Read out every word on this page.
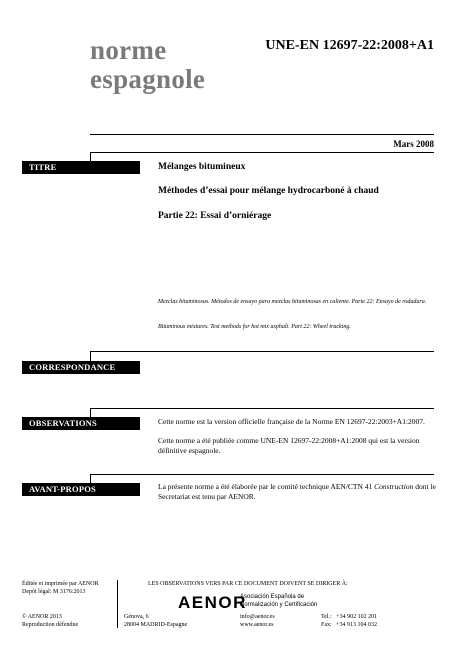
norme
espagnole
UNE-EN 12697-22:2008+A1
Mars 2008
TITRE	Mélanges bitumineux
Méthodes d’essai pour mélange hydrocarboné à chaud
Partie 22: Essai d’orniérage
Mezclas bituminosas. Métodos de ensayo para mezclas bituminosas en caliente. Parte 22: Ensayo de rodadura.
Bituminous mixtures. Test methods for hot mix asphalt. Part 22: Wheel tracking.
CORRESPONDANCE
OBSERVATIONS	Cette norme est la version officielle française de la Norme EN 12697-22:2003+A1:2007.
Cette norme a été publiée comme UNE-EN 12697-22:2008+A1:2008 qui est la version définitive espagnole.
AVANT-PROPOS	La présente norme a été élaborée par le comité technique AEN/CTN 41 Construction dont le Secretariat est tenu par AENOR.
Éditée et imprimée par AENOR
Depôt légal: M 3176:2013
© AENOR 2013
Reproduction défendue
LES OBSERVATIONS VERS PAR CE DOCUMENT DOIVENT SE DIRIGER À:
AENOR
Asociación Española de
Normalización y Certificación
Génova, 6
28004 MADRID-Espagne
info@aenor.es
www.aenor.es
Tel.:   +34 902 102 201
Fax:   +34 913 104 032
